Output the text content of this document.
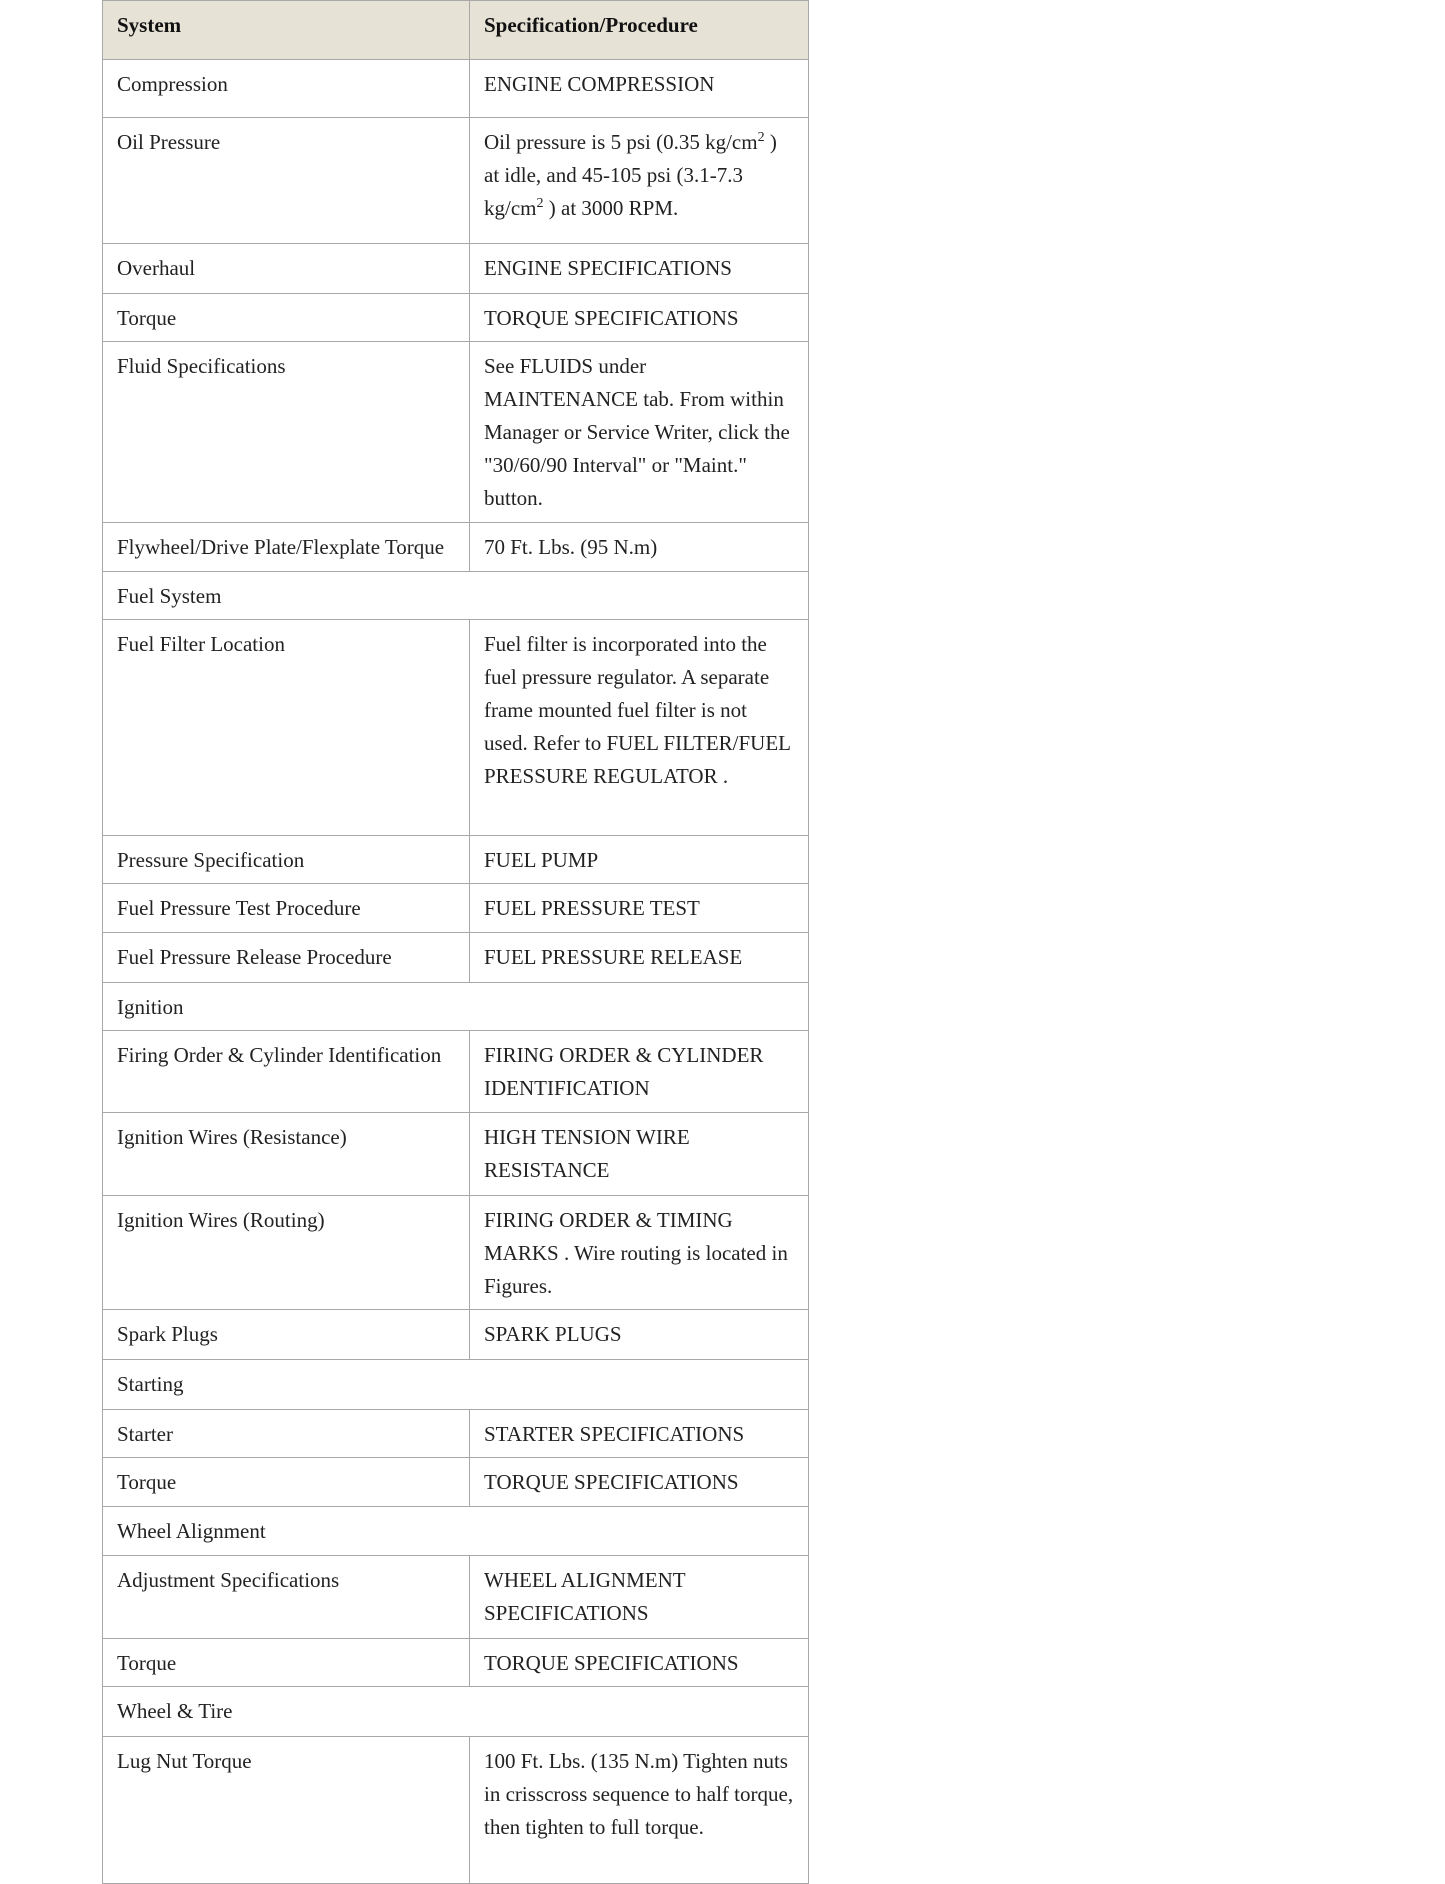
System	Specification/Procedure
Compression	ENGINE COMPRESSION
Oil Pressure	Oil pressure is 5 psi (0.35 $kg/cm^2$ ) at idle, and 45-105 psi (3.1-7.3 $kg/cm^2$ ) at 3000 RPM.
Overhaul	ENGINE SPECIFICATIONS
Torque	TORQUE SPECIFICATIONS
Fluid Specifications	See FLUIDS under MAINTENANCE tab. From within Manager or Service Writer, click the "30/60/90 Interval" or "Maint." button.
Flywheel/Drive Plate/Flexplate Torque	70 Ft. Lbs. (95 N.m)
Fuel System	
Fuel Filter Location	Fuel filter is incorporated into the fuel pressure regulator. A separate frame mounted fuel filter is not used. Refer to FUEL FILTER/FUEL PRESSURE REGULATOR .
Pressure Specification	FUEL PUMP
Fuel Pressure Test Procedure	FUEL PRESSURE TEST
Fuel Pressure Release Procedure	FUEL PRESSURE RELEASE
Ignition	
Firing Order & Cylinder Identification	FIRING ORDER & CYLINDER IDENTIFICATION
Ignition Wires (Resistance)	HIGH TENSION WIRE RESISTANCE
Ignition Wires (Routing)	FIRING ORDER & TIMING MARKS . Wire routing is located in Figures.
Spark Plugs	SPARK PLUGS
Starting	
Starter	STARTER SPECIFICATIONS
Torque	TORQUE SPECIFICATIONS
Wheel Alignment	
Adjustment Specifications	WHEEL ALIGNMENT SPECIFICATIONS
Torque	TORQUE SPECIFICATIONS
Wheel & Tire	
Lug Nut Torque	100 Ft. Lbs. (135 N.m) Tighten nuts in crisscross sequence to half torque, then tighten to full torque.
